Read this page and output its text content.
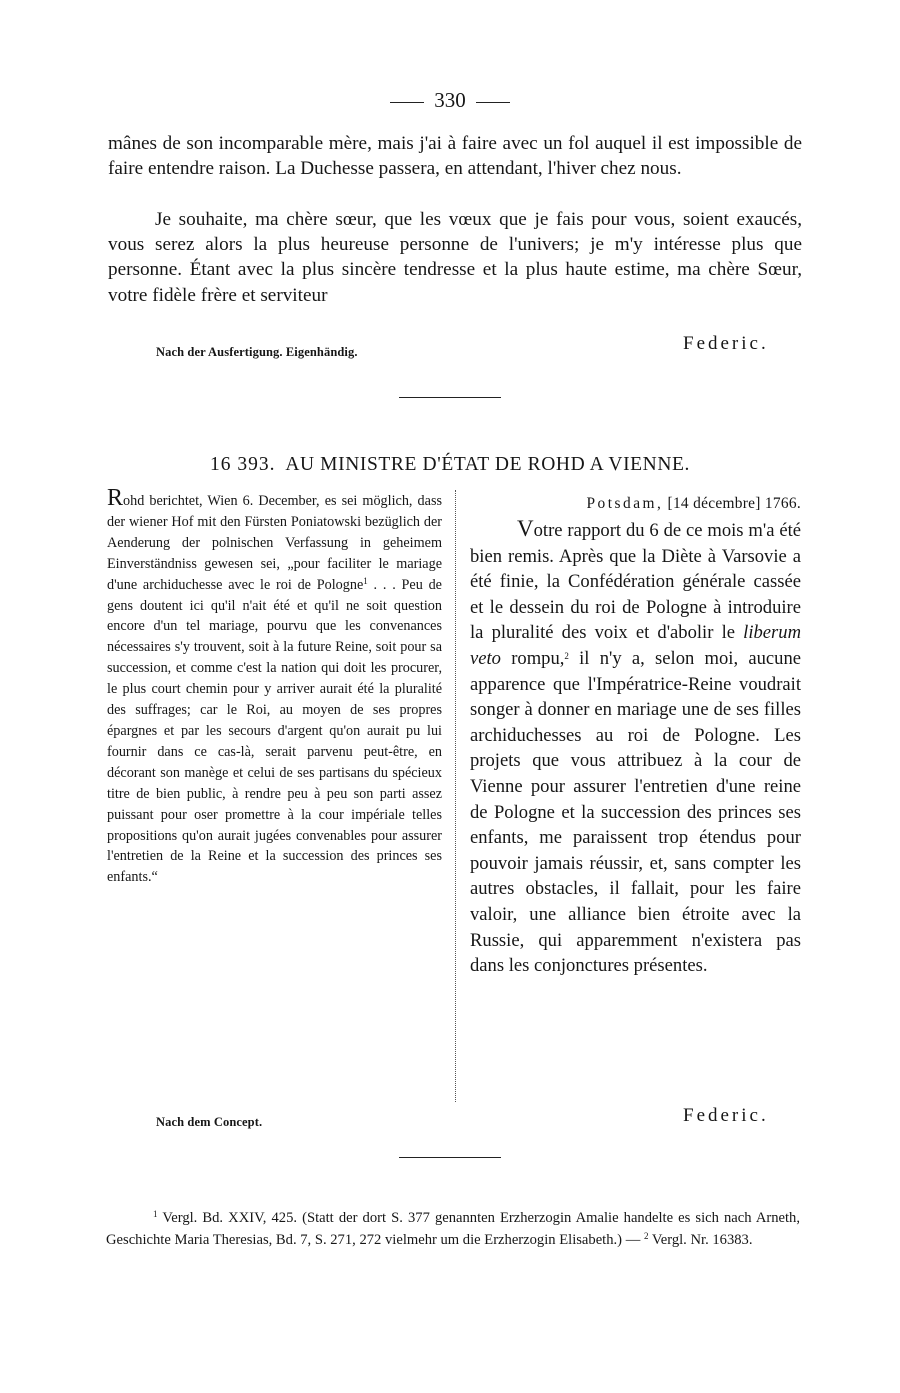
330
mânes de son incomparable mère, mais j'ai à faire avec un fol auquel il est impossible de faire entendre raison. La Duchesse passera, en attendant, l'hiver chez nous.
Je souhaite, ma chère sœur, que les vœux que je fais pour vous, soient exaucés, vous serez alors la plus heureuse personne de l'univers; je m'y intéresse plus que personne. Étant avec la plus sincère tendresse et la plus haute estime, ma chère Sœur, votre fidèle frère et serviteur
Nach der Ausfertigung. Eigenhändig.	Federic.
16 393. AU MINISTRE D'ÉTAT DE ROHD A VIENNE.
Rohd berichtet, Wien 6. December, es sei möglich, dass der wiener Hof mit den Fürsten Poniatowski bezüglich der Aenderung der polnischen Verfassung in geheimem Einverständniss gewesen sei, „pour faciliter le mariage d'une archiduchesse avec le roi de Pologne$^1$ . . . Peu de gens doutent ici qu'il n'ait été et qu'il ne soit question encore d'un tel mariage, pourvu que les convenances nécessaires s'y trouvent, soit à la future Reine, soit pour sa succession, et comme c'est la nation qui doit les procurer, le plus court chemin pour y arriver aurait été la pluralité des suffrages; car le Roi, au moyen de ses propres épargnes et par les secours d'argent qu'on aurait pu lui fournir dans ce cas-là, serait parvenu peut-être, en décorant son manège et celui de ses partisans du spécieux titre de bien public, à rendre peu à peu son parti assez puissant pour oser promettre à la cour impériale telles propositions qu'on aurait jugées convenables pour assurer l'entretien de la Reine et la succession des princes ses enfants.“
Potsdam, [14 décembre] 1766.
Votre rapport du 6 de ce mois m'a été bien remis. Après que la Diète à Varsovie a été finie, la Confédération générale cassée et le dessein du roi de Pologne à introduire la pluralité des voix et d'abolir le liberum veto rompu,$^2$ il n'y a, selon moi, aucune apparence que l'Impératrice-Reine voudrait songer à donner en mariage une de ses filles archiduchesses au roi de Pologne. Les projets que vous attribuez à la cour de Vienne pour assurer l'entretien d'une reine de Pologne et la succession des princes ses enfants, me paraissent trop étendus pour pouvoir jamais réussir, et, sans compter les autres obstacles, il fallait, pour les faire valoir, une alliance bien étroite avec la Russie, qui apparemment n'existera pas dans les conjonctures présentes.
Nach dem Concept.	Federic.
$^1$ Vergl. Bd. XXIV, 425. (Statt der dort S. 377 genannten Erzherzogin Amalie handelte es sich nach Arneth, Geschichte Maria Theresias, Bd. 7, S. 271, 272 vielmehr um die Erzherzogin Elisabeth.) — $^2$ Vergl. Nr. 16383.
